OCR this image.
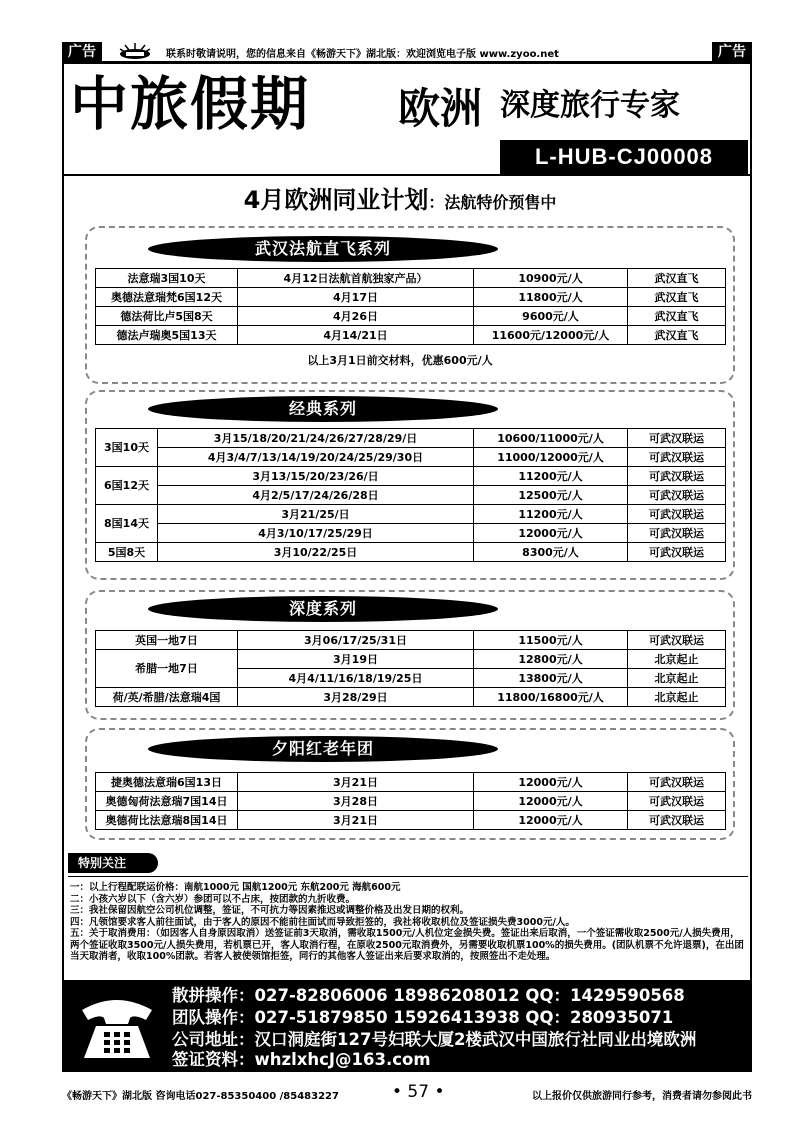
广告	联系时敬请说明，您的信息来自《畅游天下》湖北版：欢迎浏览电子版 www.zyoo.net	广告
中旅假期 欧洲 深度旅行专家
L-HUB-CJ00008
4月欧洲同业计划：法航特价预售中
武汉法航直飞系列
法意瑞3国10天	4月12日法航首航独家产品）	10900元/人	武汉直飞
奥德法意瑞梵6国12天	4月17日	11800元/人	武汉直飞
德法荷比卢5国8天	4月26日	9600元/人	武汉直飞
德法卢瑞奥5国13天	4月14/21日	11600元/12000元/人	武汉直飞
以上3月1日前交材料，优惠600元/人
经典系列
3国10天	3月15/18/20/21/24/26/27/28/29/日	10600/11000元/人	可武汉联运
	4月3/4/7/13/14/19/20/24/25/29/30日	11000/12000元/人	可武汉联运
6国12天	3月13/15/20/23/26/日	11200元/人	可武汉联运
	4月2/5/17/24/26/28日	12500元/人	可武汉联运
8国14天	3月21/25/日	11200元/人	可武汉联运
	4月3/10/17/25/29日	12000元/人	可武汉联运
5国8天	3月10/22/25日	8300元/人	可武汉联运
深度系列
英国一地7日	3月06/17/25/31日	11500元/人	可武汉联运
希腊一地7日	3月19日	12800元/人	北京起止
	4月4/11/16/18/19/25日	13800元/人	北京起止
荷/英/希腊/法意瑞4国	3月28/29日	11800/16800元/人	北京起止
夕阳红老年团
捷奥德法意瑞6国13日	3月21日	12000元/人	可武汉联运
奥德匈荷法意瑞7国14日	3月28日	12000元/人	可武汉联运
奥德荷比法意瑞8国14日	3月21日	12000元/人	可武汉联运
特别关注

一：以上行程配联运价格：南航1000元 国航1200元 东航200元 海航600元

二：小孩六岁以下（含六岁）参团可以不占床，按团款的九折收费。

三：我社保留因航空公司机位调整，签证，不可抗力等因素推迟或调整价格及出发日期的权利。

四：凡领馆要求客人前往面试，由于客人的原因不能前往面试而导致拒签的，我社将收取机位及签证损失费3000元/人。

五：关于取消费用：（如因客人自身原因取消）送签证前3天取消，需收取1500元/人机位定金损失费。签证出来后取消，一个签证需收取2500元/人损失费用，两个签证收取3500元/人损失费用，若机票已开，客人取消行程，在原收2500元取消费外，另需要收取机票100%的损失费用。(团队机票不允许退票)，在出团当天取消者，收取100%团款。若客人被使领馆拒签，同行的其他客人签证出来后要求取消的，按照签出不走处理。

散拼操作：027-82806006 18986208012 QQ：1429590568
团队操作：027-51879850 15926413938 QQ：280935071
公司地址：汉口洞庭街127号妇联大厦2楼武汉中国旅行社同业出境欧洲
签证资料：whzlxhcJ@163.com
《畅游天下》湖北版 咨询电话027-85350400 /85483227	• 57 •	以上报价仅供旅游同行参考，消费者请勿参阅此书
